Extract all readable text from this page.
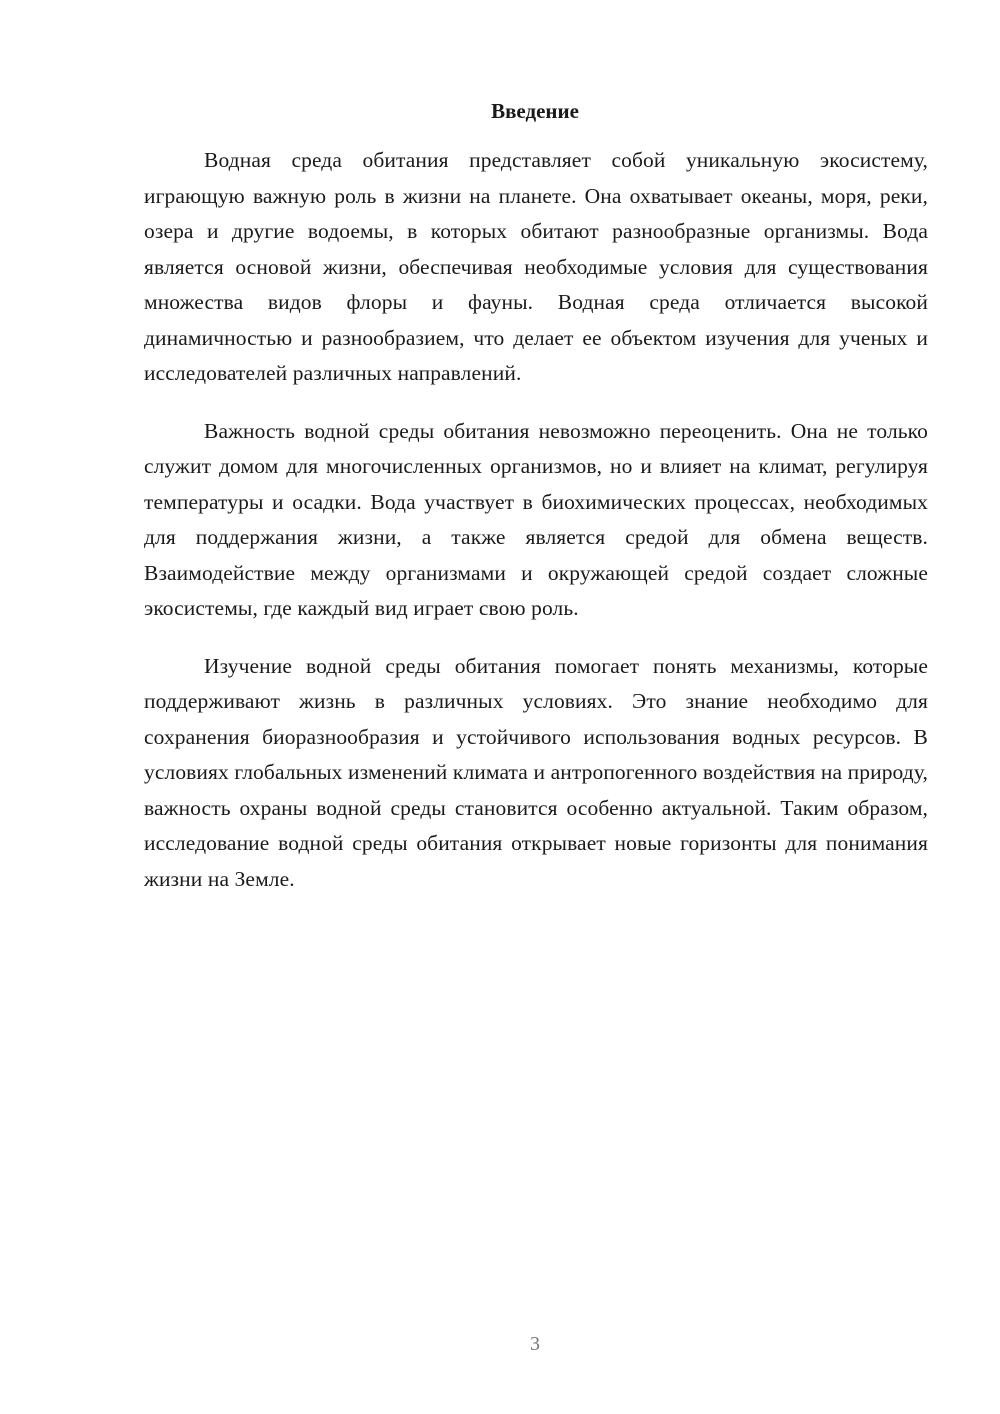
Введение

Водная среда обитания представляет собой уникальную экосистему, играющую важную роль в жизни на планете. Она охватывает океаны, моря, реки, озера и другие водоемы, в которых обитают разнообразные организмы. Вода является основой жизни, обеспечивая необходимые условия для существования множества видов флоры и фауны. Водная среда отличается высокой динамичностью и разнообразием, что делает ее объектом изучения для ученых и исследователей различных направлений.

Важность водной среды обитания невозможно переоценить. Она не только служит домом для многочисленных организмов, но и влияет на климат, регулируя температуры и осадки. Вода участвует в биохимических процессах, необходимых для поддержания жизни, а также является средой для обмена веществ. Взаимодействие между организмами и окружающей средой создает сложные экосистемы, где каждый вид играет свою роль.

Изучение водной среды обитания помогает понять механизмы, которые поддерживают жизнь в различных условиях. Это знание необходимо для сохранения биоразнообразия и устойчивого использования водных ресурсов. В условиях глобальных изменений климата и антропогенного воздействия на природу, важность охраны водной среды становится особенно актуальной. Таким образом, исследование водной среды обитания открывает новые горизонты для понимания жизни на Земле.

3
